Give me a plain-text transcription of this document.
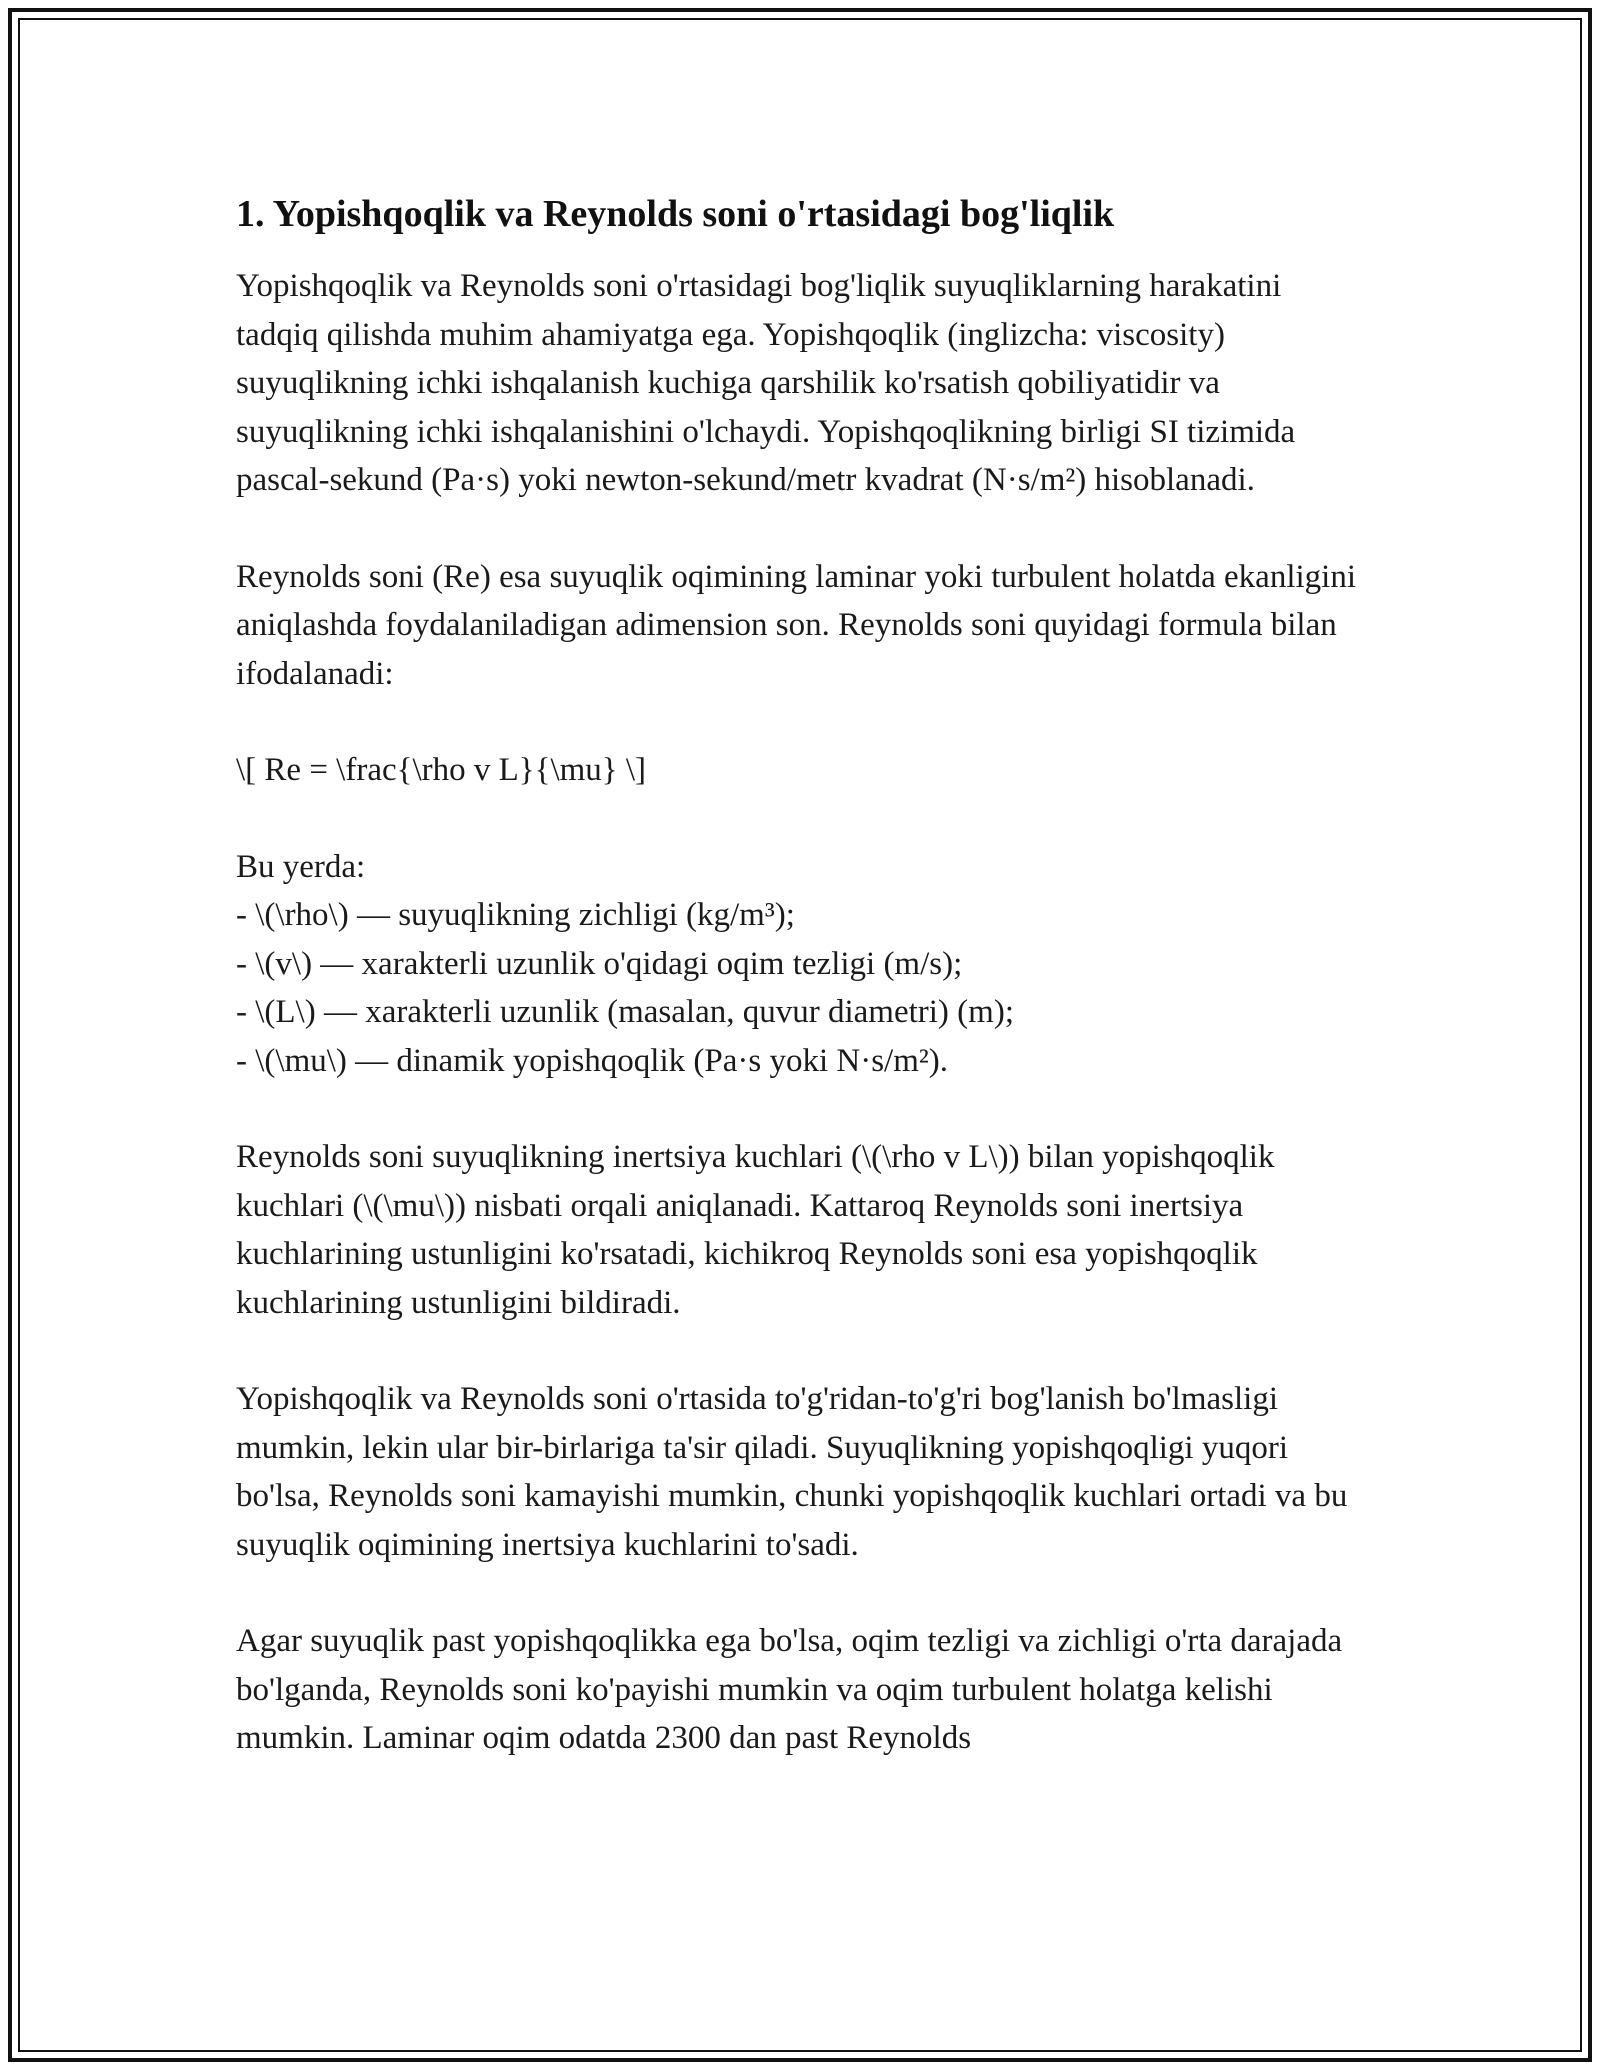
1. Yopishqoqlik va Reynolds soni o'rtasidagi bog'liqlik

Yopishqoqlik va Reynolds soni o'rtasidagi bog'liqlik suyuqliklarning harakatini tadqiq qilishda muhim ahamiyatga ega. Yopishqoqlik (inglizcha: viscosity) suyuqlikning ichki ishqalanish kuchiga qarshilik ko'rsatish qobiliyatidir va suyuqlikning ichki ishqalanishini o'lchaydi. Yopishqoqlikning birligi SI tizimida pascal-sekund (Pa·s) yoki newton-sekund/metr kvadrat (N·s/m²) hisoblanadi.

Reynolds soni (Re) esa suyuqlik oqimining laminar yoki turbulent holatda ekanligini aniqlashda foydalaniladigan adimension son. Reynolds soni quyidagi formula bilan ifodalanadi:

\[ Re = \frac{\rho v L}{\mu} \]

Bu yerda:
- \(\rho\) — suyuqlikning zichligi (kg/m³);
- \(v\) — xarakterli uzunlik o'qidagi oqim tezligi (m/s);
- \(L\) — xarakterli uzunlik (masalan, quvur diametri) (m);
- \(\mu\) — dinamik yopishqoqlik (Pa·s yoki N·s/m²).

Reynolds soni suyuqlikning inertsiya kuchlari (\(\rho v L\)) bilan yopishqoqlik kuchlari (\(\mu\)) nisbati orqali aniqlanadi. Kattaroq Reynolds soni inertsiya kuchlarining ustunligini ko'rsatadi, kichikroq Reynolds soni esa yopishqoqlik kuchlarining ustunligini bildiradi.

Yopishqoqlik va Reynolds soni o'rtasida to'g'ridan-to'g'ri bog'lanish bo'lmasligi mumkin, lekin ular bir-birlariga ta'sir qiladi. Suyuqlikning yopishqoqligi yuqori bo'lsa, Reynolds soni kamayishi mumkin, chunki yopishqoqlik kuchlari ortadi va bu suyuqlik oqimining inertsiya kuchlarini to'sadi.

Agar suyuqlik past yopishqoqlikka ega bo'lsa, oqim tezligi va zichligi o'rta darajada bo'lganda, Reynolds soni ko'payishi mumkin va oqim turbulent holatga kelishi mumkin. Laminar oqim odatda 2300 dan past Reynolds
